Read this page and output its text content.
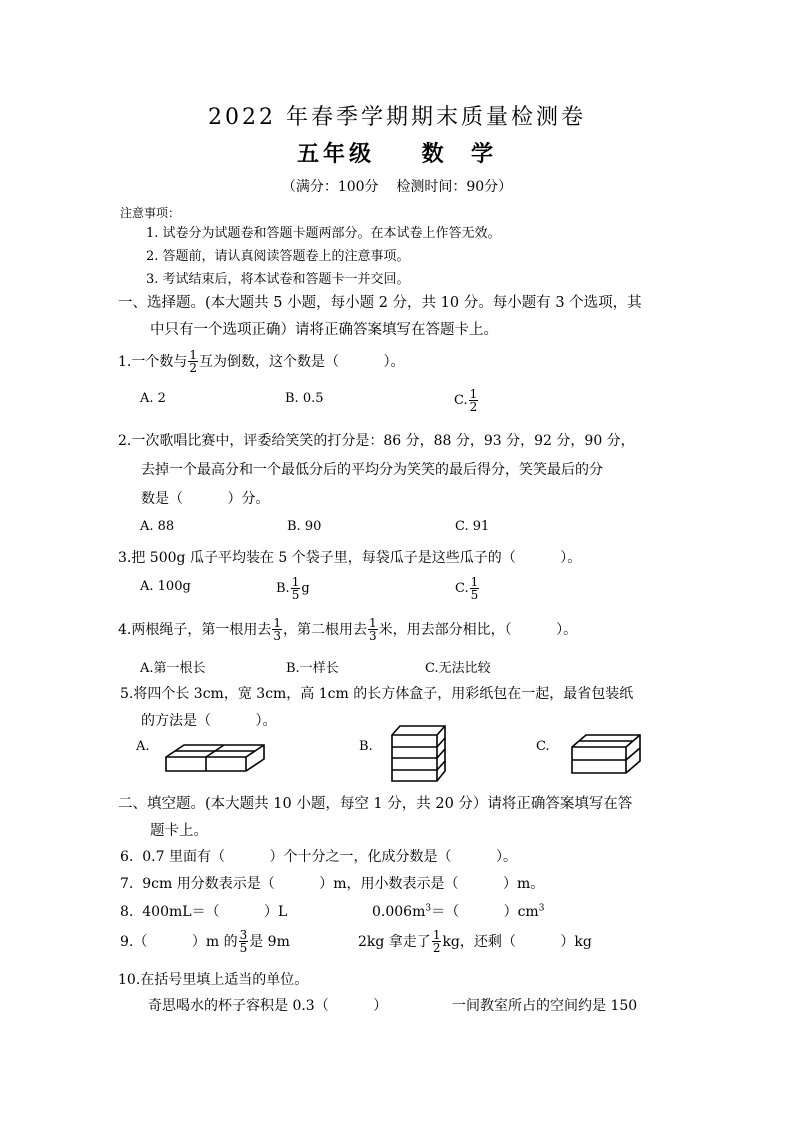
2022 年春季学期期末质量检测卷
五年级    数  学
（满分：100分    检测时间：90分）
注意事项：
1. 试卷分为试题卷和答题卡题两部分。在本试卷上作答无效。
2. 答题前，请认真阅读答题卷上的注意事项。
3. 考试结束后，将本试卷和答题卡一并交回。
一、选择题。(本大题共 5 小题，每小题 2 分，共 10 分。每小题有 3 个选项，其
中只有一个选项正确）请将正确答案填写在答题卡上。
1.一个数与 $\frac{1}{2}$ 互为倒数，这个数是（          ）。
A. 2	B. 0.5	C. $\frac{1}{2}$
2.一次歌唱比赛中，评委给笑笑的打分是：86 分，88 分，93 分，92 分，90 分，
去掉一个最高分和一个最低分后的平均分为笑笑的最后得分，笑笑最后的分
数是（          ）分。
A. 88	B. 90	C. 91
3.把 500g 瓜子平均装在 5 个袋子里，每袋瓜子是这些瓜子的（          ）。
A. 100g	B. $\frac{1}{5}$ g	C. $\frac{1}{5}$
4.两根绳子，第一根用去 $\frac{1}{3}$ ，第二根用去 $\frac{1}{3}$ 米，用去部分相比，（          ）。
A.第一根长	B.一样长	C.无法比较
5.将四个长 3cm，宽 3cm，高 1cm 的长方体盒子，用彩纸包在一起，最省包装纸
的方法是（          ）。
A.	B.	C.
二、填空题。(本大题共 10 小题，每空 1 分，共 20 分）请将正确答案填写在答
题卡上。
6.  0.7 里面有（          ）个十分之一，化成分数是（          ）。
7.  9cm 用分数表示是（          ）m，用小数表示是（          ）m。
8.  400mL＝（          ）L	$0.006m^3=$（          ）$cm^3$
9.（          ）m 的 $\frac{3}{5}$ 是 9m	2kg 拿走了 $\frac{1}{2}$ kg，还剩（          ）kg
10.在括号里填上适当的单位。
奇思喝水的杯子容积是 0.3（          ）	一间教室所占的空间约是 150
